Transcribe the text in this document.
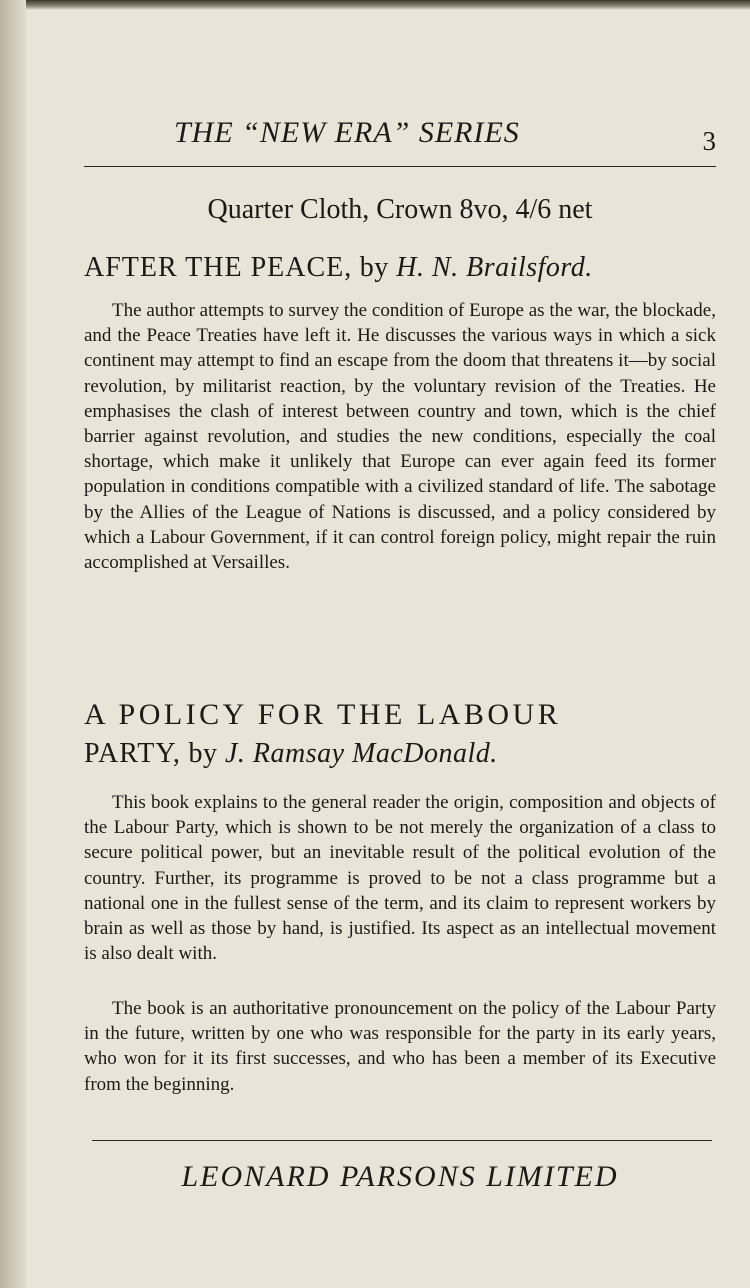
THE “NEW ERA” SERIES	3
Quarter Cloth, Crown 8vo, 4/6 net
AFTER THE PEACE, by H. N. Brailsford.

The author attempts to survey the condition of Europe as the war, the blockade, and the Peace Treaties have left it. He discusses the various ways in which a sick continent may attempt to find an escape from the doom that threatens it—by social revolution, by militarist reaction, by the voluntary revision of the Treaties. He emphasises the clash of interest between country and town, which is the chief barrier against revolution, and studies the new conditions, especially the coal shortage, which make it unlikely that Europe can ever again feed its former population in conditions compatible with a civilized standard of life. The sabotage by the Allies of the League of Nations is discussed, and a policy considered by which a Labour Government, if it can control foreign policy, might repair the ruin accomplished at Versailles.

A POLICY FOR THE LABOUR
PARTY, by J. Ramsay MacDonald.

This book explains to the general reader the origin, composition and objects of the Labour Party, which is shown to be not merely the organization of a class to secure political power, but an inevitable result of the political evolution of the country. Further, its programme is proved to be not a class programme but a national one in the fullest sense of the term, and its claim to represent workers by brain as well as those by hand, is justified. Its aspect as an intellectual movement is also dealt with.

The book is an authoritative pronouncement on the policy of the Labour Party in the future, written by one who was responsible for the party in its early years, who won for it its first successes, and who has been a member of its Executive from the beginning.

LEONARD PARSONS LIMITED
